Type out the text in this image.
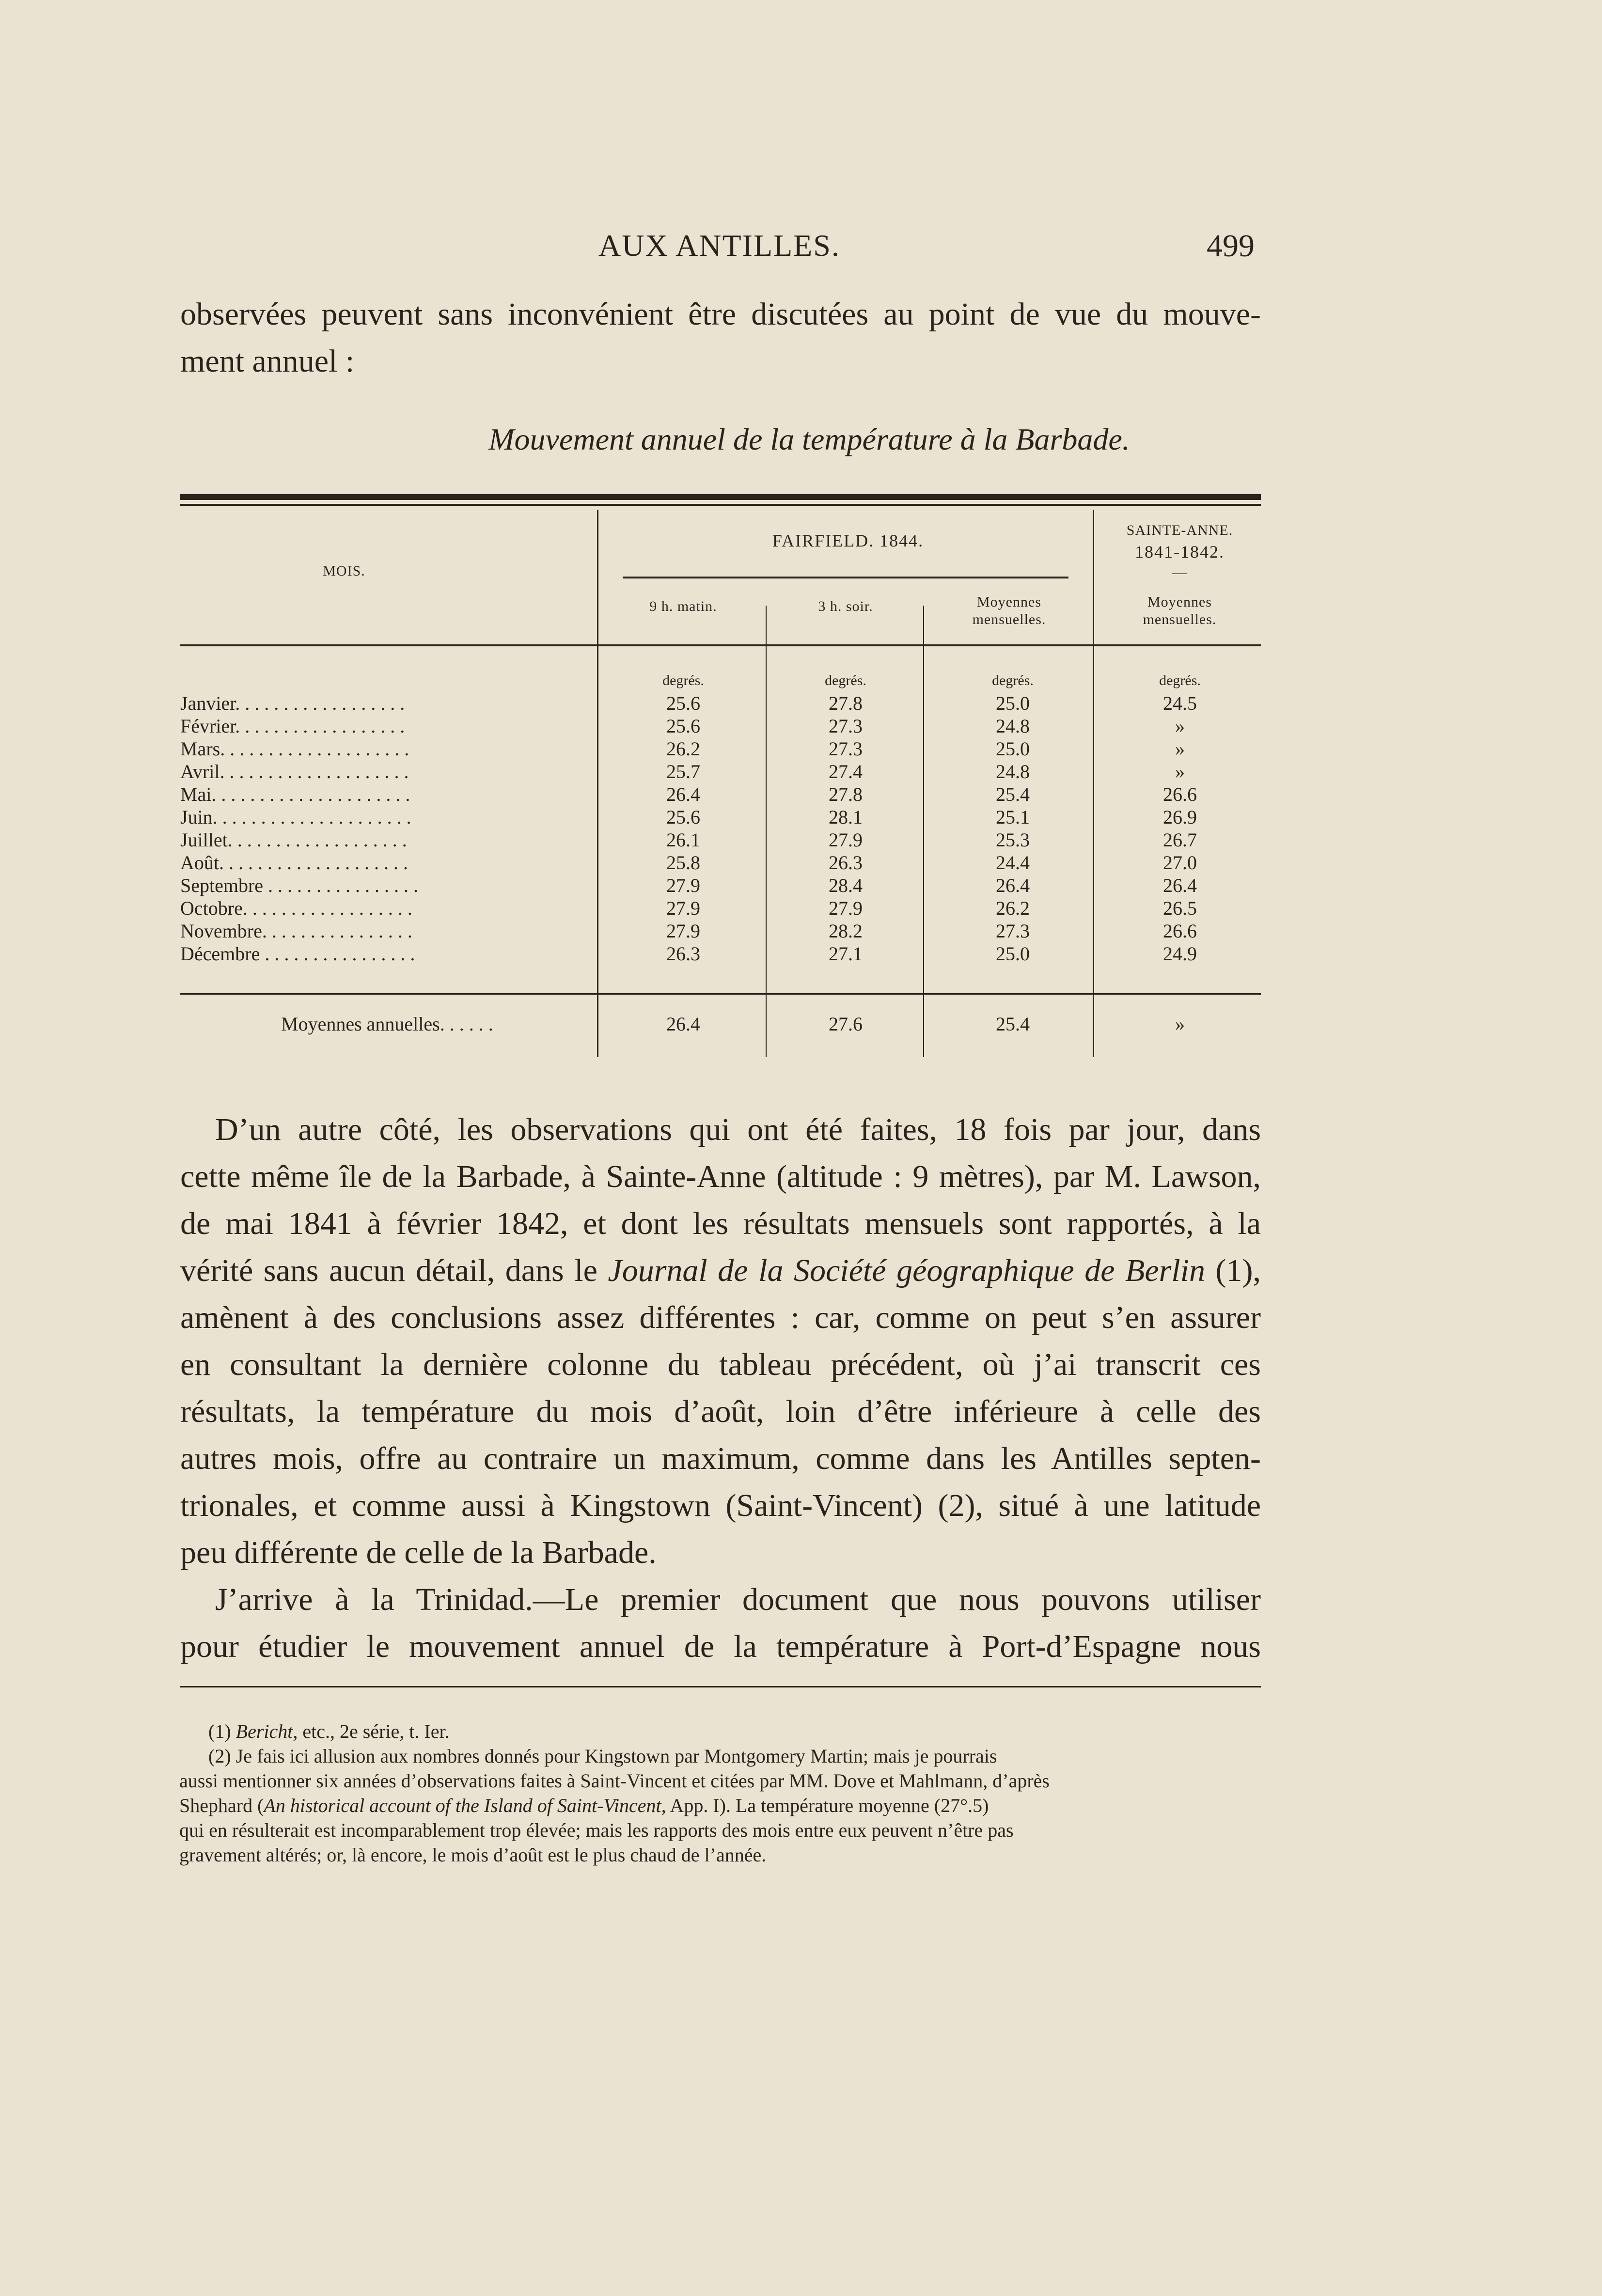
AUX ANTILLES.	499
observées peuvent sans inconvénient être discutées au point de vue du mouve-
ment annuel :
Mouvement annuel de la température à la Barbade.
MOIS.
FAIRFIELD. 1844.
SAINTE-ANNE.
1841-1842.
—
9 h. matin.	3 h. soir.	Moyennes
mensuelles.
Moyennes
mensuelles.
degrés.	degrés.	degrés.	degrés.
Janvier. . . . . . . . . . . . . . . . . .	25.6	27.8	25.0	24.5
Février. . . . . . . . . . . . . . . . . .	25.6	27.3	24.8	»
Mars. . . . . . . . . . . . . . . . . . . .	26.2	27.3	25.0	»
Avril. . . . . . . . . . . . . . . . . . . .	25.7	27.4	24.8	»
Mai. . . . . . . . . . . . . . . . . . . . .	26.4	27.8	25.4	26.6
Juin. . . . . . . . . . . . . . . . . . . . .	25.6	28.1	25.1	26.9
Juillet. . . . . . . . . . . . . . . . . . .	26.1	27.9	25.3	26.7
Août. . . . . . . . . . . . . . . . . . . .	25.8	26.3	24.4	27.0
Septembre . . . . . . . . . . . . . . . .	27.9	28.4	26.4	26.4
Octobre. . . . . . . . . . . . . . . . . .	27.9	27.9	26.2	26.5
Novembre. . . . . . . . . . . . . . . .	27.9	28.2	27.3	26.6
Décembre . . . . . . . . . . . . . . . .	26.3	27.1	25.0	24.9
Moyennes annuelles. . . . . .	26.4	27.6	25.4	»
D’un autre côté, les observations qui ont été faites, 18 fois par jour, dans
cette même île de la Barbade, à Sainte-Anne (altitude : 9 mètres), par M. Lawson,
de mai 1841 à février 1842, et dont les résultats mensuels sont rapportés, à la
vérité sans aucun détail, dans le Journal de la Société géographique de Berlin (1),
amènent à des conclusions assez différentes : car, comme on peut s’en assurer
en consultant la dernière colonne du tableau précédent, où j’ai transcrit ces
résultats, la température du mois d’août, loin d’être inférieure à celle des
autres mois, offre au contraire un maximum, comme dans les Antilles septen-
trionales, et comme aussi à Kingstown (Saint-Vincent) (2), situé à une latitude
peu différente de celle de la Barbade.
J’arrive à la Trinidad.—Le premier document que nous pouvons utiliser
pour étudier le mouvement annuel de la température à Port-d’Espagne nous
(1) Bericht, etc., 2e série, t. Ier.
(2) Je fais ici allusion aux nombres donnés pour Kingstown par Montgomery Martin; mais je pourrais
aussi mentionner six années d’observations faites à Saint-Vincent et citées par MM. Dove et Mahlmann, d’après
Shephard (An historical account of the Island of Saint-Vincent, App. I). La température moyenne (27°.5)
qui en résulterait est incomparablement trop élevée; mais les rapports des mois entre eux peuvent n’être pas
gravement altérés; or, là encore, le mois d’août est le plus chaud de l’année.
